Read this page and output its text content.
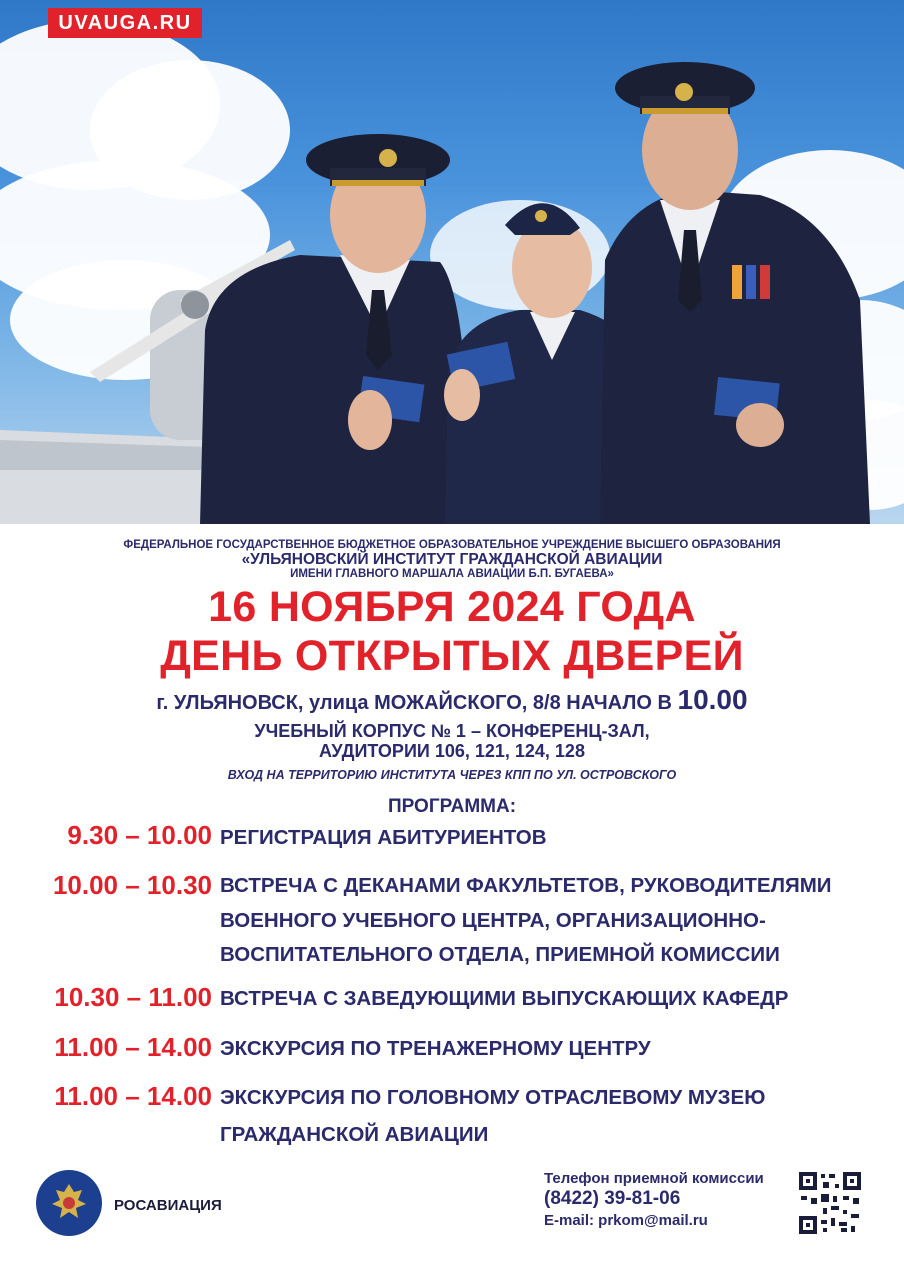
UVAUGA.RU
ФЕДЕРАЛЬНОЕ ГОСУДАРСТВЕННОЕ БЮДЖЕТНОЕ ОБРАЗОВАТЕЛЬНОЕ УЧРЕЖДЕНИЕ ВЫСШЕГО ОБРАЗОВАНИЯ
«УЛЬЯНОВСКИЙ ИНСТИТУТ ГРАЖДАНСКОЙ АВИАЦИИ
ИМЕНИ ГЛАВНОГО МАРШАЛА АВИАЦИИ Б.П. БУГАЕВА»
16 НОЯБРЯ 2024 ГОДА
ДЕНЬ ОТКРЫТЫХ ДВЕРЕЙ
г. УЛЬЯНОВСК, улица МОЖАЙСКОГО, 8/8 НАЧАЛО В 10.00
УЧЕБНЫЙ КОРПУС № 1 – КОНФЕРЕНЦ-ЗАЛ,
АУДИТОРИИ 106, 121, 124, 128
ВХОД НА ТЕРРИТОРИЮ ИНСТИТУТА ЧЕРЕЗ КПП ПО УЛ. ОСТРОВСКОГО
ПРОГРАММА:
9.30 – 10.00 РЕГИСТРАЦИЯ АБИТУРИЕНТОВ
10.00 – 10.30 ВСТРЕЧА С ДЕКАНАМИ ФАКУЛЬТЕТОВ, РУКОВОДИТЕЛЯМИ
ВОЕННОГО УЧЕБНОГО ЦЕНТРА, ОРГАНИЗАЦИОННО-
ВОСПИТАТЕЛЬНОГО ОТДЕЛА, ПРИЕМНОЙ КОМИССИИ
10.30 – 11.00 ВСТРЕЧА С ЗАВЕДУЮЩИМИ ВЫПУСКАЮЩИХ КАФЕДР
11.00 – 14.00 ЭКСКУРСИЯ ПО ТРЕНАЖЕРНОМУ ЦЕНТРУ
11.00 – 14.00 ЭКСКУРСИЯ ПО ГОЛОВНОМУ ОТРАСЛЕВОМУ МУЗЕЮ
ГРАЖДАНСКОЙ АВИАЦИИ
РОСАВИАЦИЯ
Телефон приемной комиссии
(8422) 39-81-06
E-mail: prkom@mail.ru
